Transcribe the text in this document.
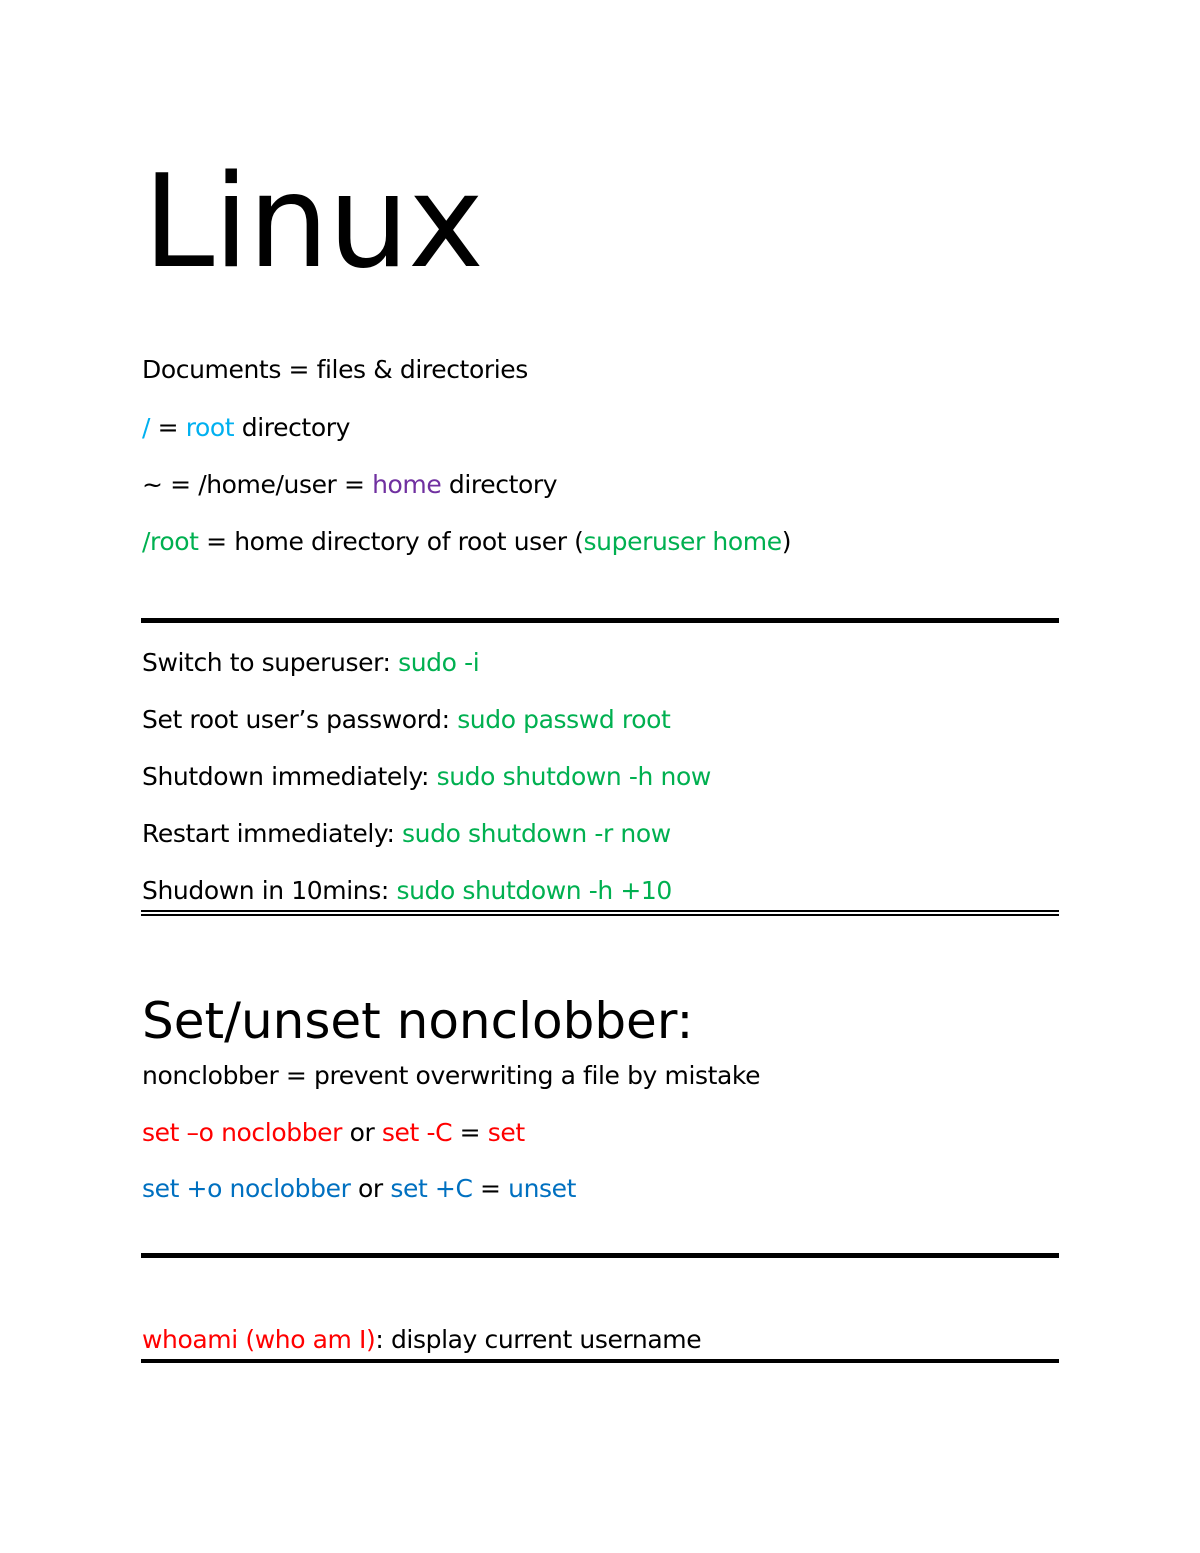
Linux

Documents = files & directories

/ = root directory

~ = /home/user = home directory

/root = home directory of root user (superuser home)

Switch to superuser: sudo -i

Set root user’s password: sudo passwd root

Shutdown immediately: sudo shutdown -h now

Restart immediately: sudo shutdown -r now

Shudown in 10mins: sudo shutdown -h +10

Set/unset nonclobber:

nonclobber = prevent overwriting a file by mistake

set –o noclobber or set -C = set

set +o noclobber or set +C = unset

whoami (who am I): display current username
